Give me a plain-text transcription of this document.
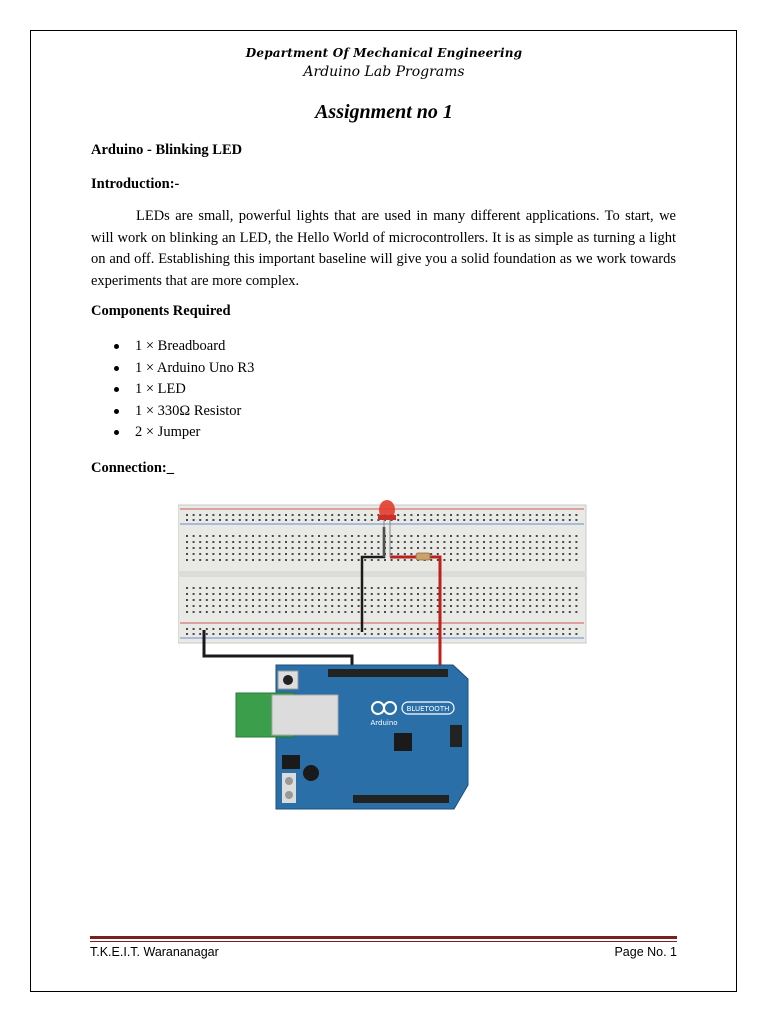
Department Of Mechanical Engineering
Arduino Lab Programs
Assignment no 1
Arduino - Blinking LED
Introduction:-
LEDs are small, powerful lights that are used in many different applications. To start, we will work on blinking an LED, the Hello World of microcontrollers. It is as simple as turning a light on and off. Establishing this important baseline will give you a solid foundation as we work towards experiments that are more complex.
Components Required
1 × Breadboard
1 × Arduino Uno R3
1 × LED
1 × 330Ω Resistor
2 × Jumper
Connection:_
BLUETOOTH
Arduino
T.K.E.I.T. Warananagar	Page No. 1
